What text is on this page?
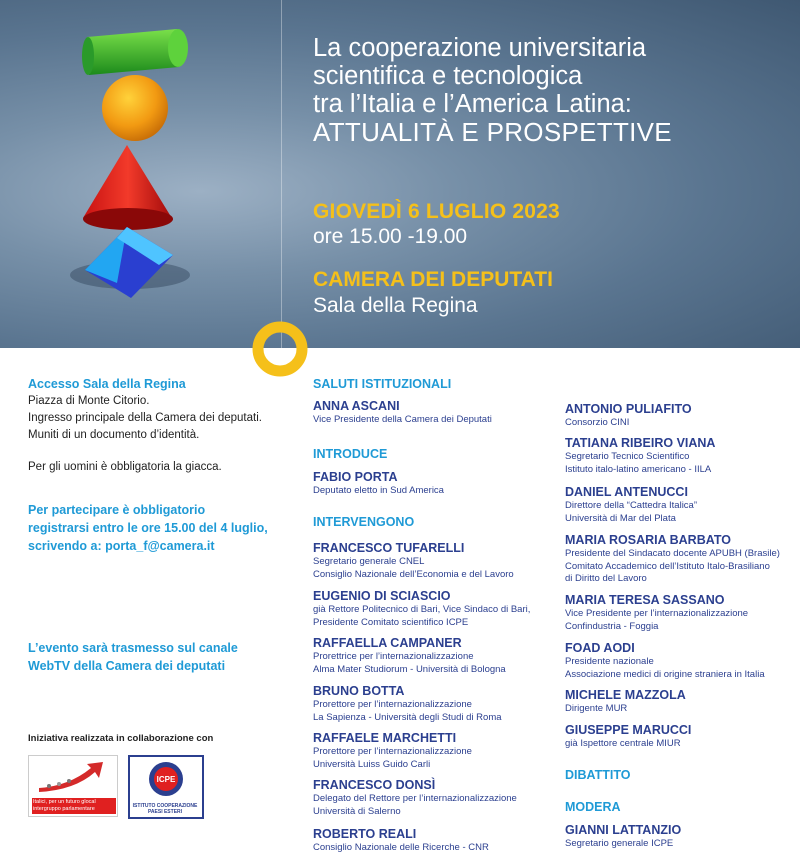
La cooperazione universitaria
scientifica e tecnologica
tra l’Italia e l’America Latina:
ATTUALITÀ E PROSPETTIVE
GIOVEDÌ 6 LUGLIO 2023
ore 15.00 -19.00
CAMERA DEI DEPUTATI
Sala della Regina

Accesso Sala della Regina

Piazza di Monte Citorio.

Ingresso principale della Camera dei deputati.

Muniti di un documento d’identità.

Per gli uomini è obbligatoria la giacca.

Per partecipare è obbligatorio
registrarsi entro le ore 15.00 del 4 luglio,
scrivendo a: porta_f@camera.it
L’evento sarà trasmesso sul canale
WebTV della Camera dei deputati
Iniziativa realizzata in collaborazione con
Italici, per un futuro glocal intergruppo parlamentare
ICPE
ISTITUTO COOPERAZIONE PAESI ESTERI

SALUTI ISTITUZIONALI

ANNA ASCANI

Vice Presidente della Camera dei Deputati

INTRODUCE

FABIO PORTA

Deputato eletto in Sud America

INTERVENGONO

FRANCESCO TUFARELLI

Segretario generale CNEL

Consiglio Nazionale dell’Economia e del Lavoro

EUGENIO DI SCIASCIO

già Rettore Politecnico di Bari, Vice Sindaco di Bari,

Presidente Comitato scientifico ICPE

RAFFAELLA CAMPANER

Prorettrice per l’internazionalizzazione

Alma Mater Studiorum - Università di Bologna

BRUNO BOTTA

Prorettore per l’internazionalizzazione

La Sapienza - Università degli Studi di Roma

RAFFAELE MARCHETTI

Prorettore per l’internazionalizzazione

Università Luiss Guido Carli

FRANCESCO DONSÌ

Delegato del Rettore per l’internazionalizzazione

Università di Salerno

ROBERTO REALI

Consiglio Nazionale delle Ricerche - CNR

ANTONIO PULIAFITO

Consorzio CINI

TATIANA RIBEIRO VIANA

Segretario Tecnico Scientifico

Istituto italo-latino americano - IILA

DANIEL ANTENUCCI

Direttore della “Cattedra Italica”

Università di Mar del Plata

MARIA ROSARIA BARBATO

Presidente del Sindacato docente APUBH (Brasile)

Comitato Accademico dell’Istituto Italo-Brasiliano

di Diritto del Lavoro

MARIA TERESA SASSANO

Vice Presidente per l’internazionalizzazione

Confindustria - Foggia

FOAD AODI

Presidente nazionale

Associazione medici di origine straniera in Italia

MICHELE MAZZOLA

Dirigente MUR

GIUSEPPE MARUCCI

già Ispettore centrale MIUR

DIBATTITO

MODERA

GIANNI LATTANZIO

Segretario generale ICPE
